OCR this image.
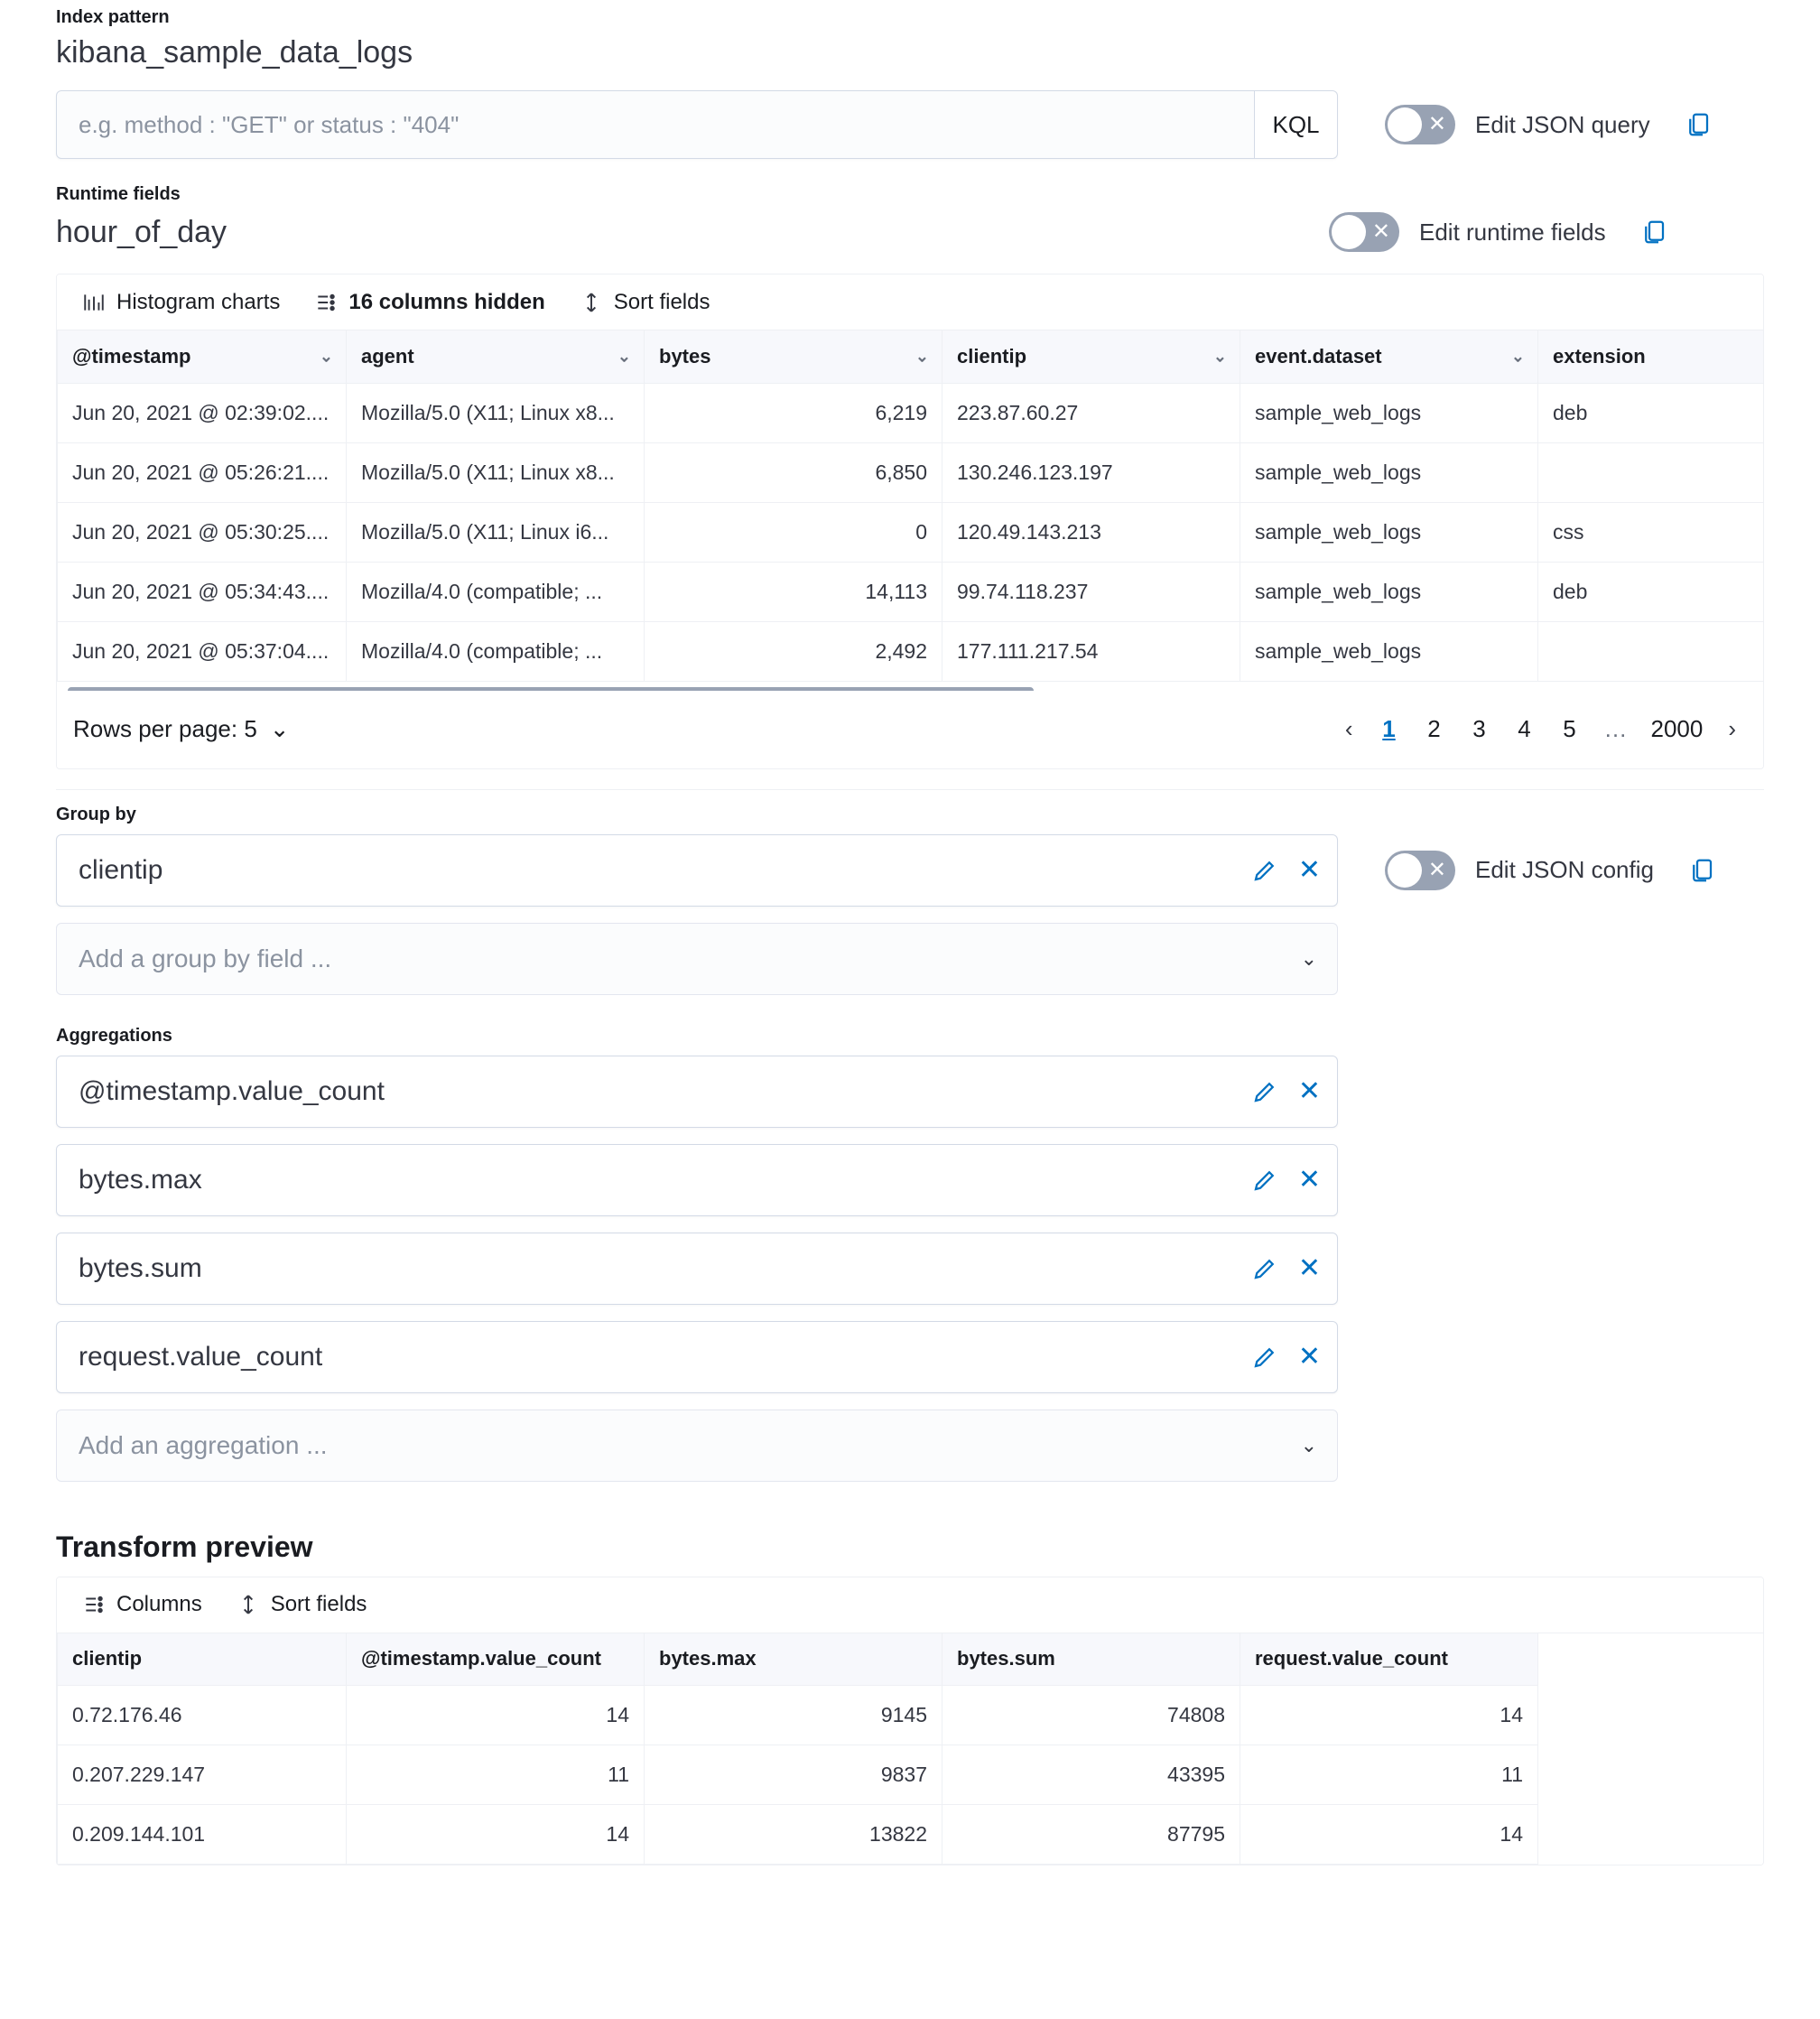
Index pattern
kibana_sample_data_logs
e.g. method : "GET" or status : "404"
KQL	✕ Edit JSON query
Runtime fields
hour_of_day	✕ Edit runtime fields
Histogram charts	16 columns hidden	Sort fields
@timestamp ⌄	agent ⌄	bytes ⌄	clientip ⌄	event.dataset ⌄	extension
Jun 20, 2021 @ 02:39:02....	Mozilla/5.0 (X11; Linux x8...	6,219	223.87.60.27	sample_web_logs	deb
Jun 20, 2021 @ 05:26:21....	Mozilla/5.0 (X11; Linux x8...	6,850	130.246.123.197	sample_web_logs	
Jun 20, 2021 @ 05:30:25....	Mozilla/5.0 (X11; Linux i6...	0	120.49.143.213	sample_web_logs	css
Jun 20, 2021 @ 05:34:43....	Mozilla/4.0 (compatible; ...	14,113	99.74.118.237	sample_web_logs	deb
Jun 20, 2021 @ 05:37:04....	Mozilla/4.0 (compatible; ...	2,492	177.111.217.54	sample_web_logs	
Rows per page: 5 ⌄	‹	1	2	3	4	5	…	2000	›
Group by
clientip	✕	✕ Edit JSON config
Add a group by field ...	⌄
Aggregations
@timestamp.value_count	✕
bytes.max	✕
bytes.sum	✕
request.value_count	✕
Add an aggregation ...	⌄
Transform preview
Columns	Sort fields
clientip	@timestamp.value_count	bytes.max	bytes.sum	request.value_count	
0.72.176.46	14	9145	74808	14	
0.207.229.147	11	9837	43395	11	
0.209.144.101	14	13822	87795	14	
